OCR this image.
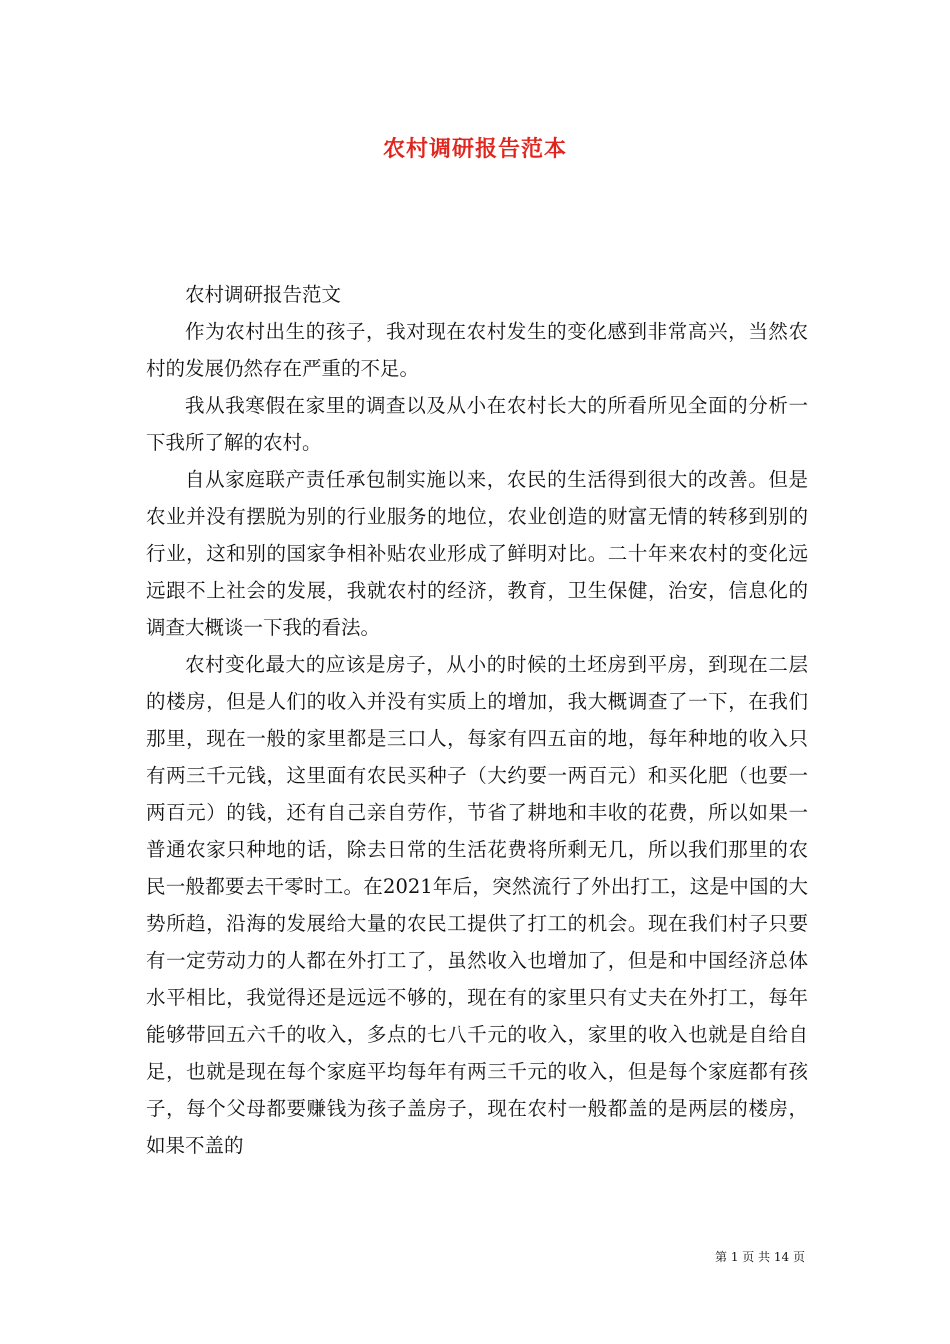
农村调研报告范本

农村调研报告范文

作为农村出生的孩子，我对现在农村发生的变化感到非常高兴，当然农村的发展仍然存在严重的不足。

我从我寒假在家里的调查以及从小在农村长大的所看所见全面的分析一下我所了解的农村。

自从家庭联产责任承包制实施以来，农民的生活得到很大的改善。但是农业并没有摆脱为别的行业服务的地位，农业创造的财富无情的转移到别的行业，这和别的国家争相补贴农业形成了鲜明对比。二十年来农村的变化远远跟不上社会的发展，我就农村的经济，教育，卫生保健，治安，信息化的调查大概谈一下我的看法。

农村变化最大的应该是房子，从小的时候的土坯房到平房，到现在二层的楼房，但是人们的收入并没有实质上的增加，我大概调查了一下，在我们那里，现在一般的家里都是三口人，每家有四五亩的地，每年种地的收入只有两三千元钱，这里面有农民买种子（大约要一两百元）和买化肥（也要一两百元）的钱，还有自己亲自劳作，节省了耕地和丰收的花费，所以如果一普通农家只种地的话，除去日常的生活花费将所剩无几，所以我们那里的农民一般都要去干零时工。在2021年后，突然流行了外出打工，这是中国的大势所趋，沿海的发展给大量的农民工提供了打工的机会。现在我们村子只要有一定劳动力的人都在外打工了，虽然收入也增加了，但是和中国经济总体水平相比，我觉得还是远远不够的，现在有的家里只有丈夫在外打工，每年能够带回五六千的收入，多点的七八千元的收入，家里的收入也就是自给自足，也就是现在每个家庭平均每年有两三千元的收入，但是每个家庭都有孩子，每个父母都要赚钱为孩子盖房子，现在农村一般都盖的是两层的楼房，如果不盖的

第 1 页 共 14 页
